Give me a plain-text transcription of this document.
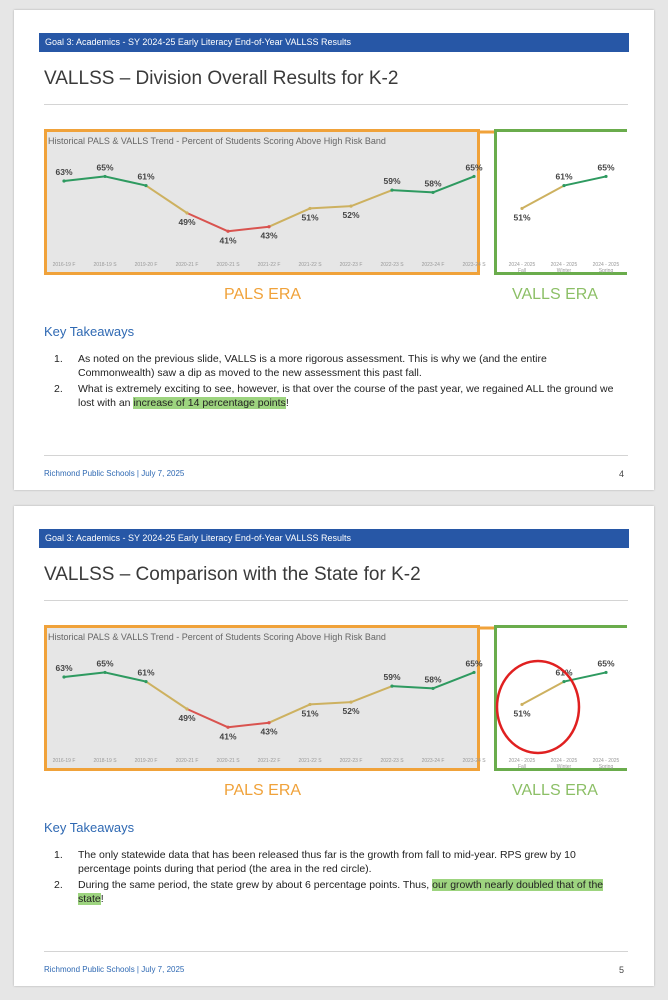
Goal 3: Academics - SY 2024-25 Early Literacy End-of-Year VALLSS Results
VALLSS – Division Overall Results for K-2
Historical PALS & VALLS Trend - Percent of Students Scoring Above High Risk Band
63%	65%
61%
49%
41%	43%
51%	52%
59%	58%
65%
2016-19 F	2018-19 S	2019-20 F	2020-21 F	2020-21 S	2021-22 F	2021-22 S	2022-23 F	2022-23 S	2023-24 F	2023-24 S
51%
61%
65%
2024 - 2025
Fall
2024 - 2025
Winter
2024 - 2025
Spring
PALS ERA	VALLS ERA
Key Takeaways
1. As noted on the previous slide, VALLS is a more rigorous assessment. This is why we (and the entire Commonwealth) saw a dip as moved to the new assessment this past fall.
2. What is extremely exciting to see, however, is that over the course of the past year, we regained ALL the ground we lost with an increase of 14 percentage points!
Richmond Public Schools | July 7, 2025	4
Goal 3: Academics - SY 2024-25 Early Literacy End-of-Year VALLSS Results
VALLSS – Comparison with the State for K-2
Historical PALS & VALLS Trend - Percent of Students Scoring Above High Risk Band
63%	65%
61%
49%
41%	43%
51%	52%
59%	58%
65%
2016-19 F	2018-19 S	2019-20 F	2020-21 F	2020-21 S	2021-22 F	2021-22 S	2022-23 F	2022-23 S	2023-24 F	2023-24 S
51%
61%
65%
2024 - 2025
Fall
2024 - 2025
Winter
2024 - 2025
Spring
PALS ERA	VALLS ERA
Key Takeaways
1. The only statewide data that has been released thus far is the growth from fall to mid-year. RPS grew by 10 percentage points during that period (the area in the red circle).
2. During the same period, the state grew by about 6 percentage points. Thus, our growth nearly doubled that of the state!
Richmond Public Schools | July 7, 2025	5
